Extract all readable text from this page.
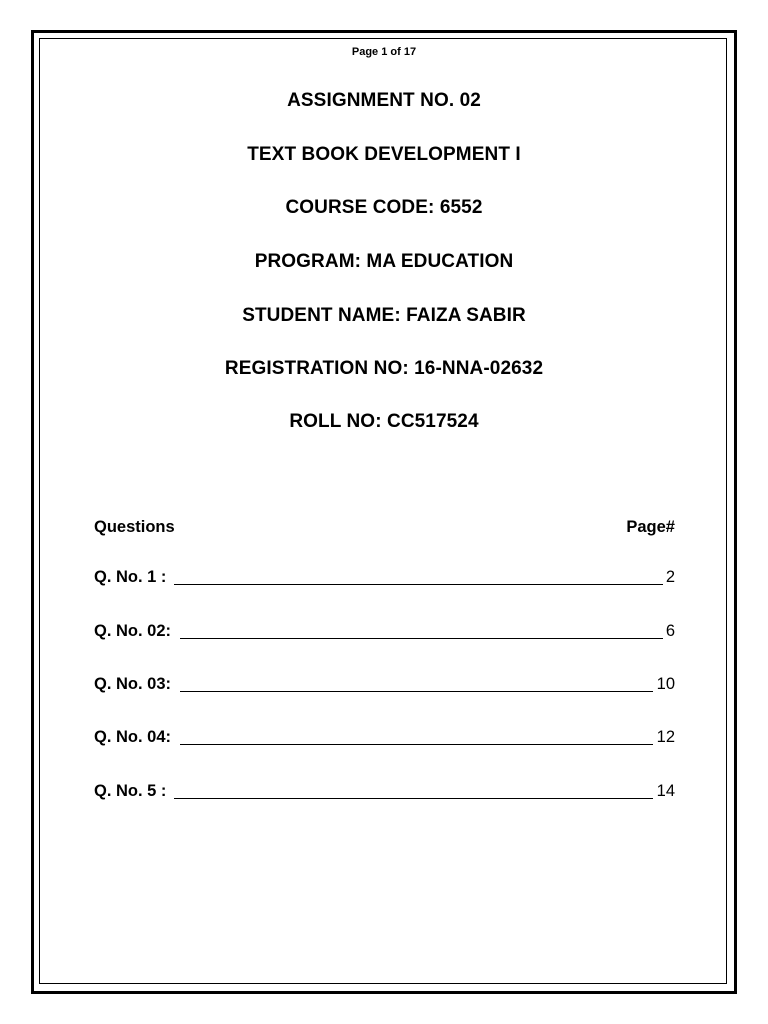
Page 1 of 17
ASSIGNMENT NO. 02
TEXT BOOK DEVELOPMENT I
COURSE CODE: 6552
PROGRAM: MA EDUCATION
STUDENT NAME: FAIZA SABIR
REGISTRATION NO: 16-NNA-02632
ROLL NO: CC517524
Questions	Page#
Q. No. 1 :	2
Q. No. 02:	6
Q. No. 03:	10
Q. No. 04:	12
Q. No. 5 :	14
